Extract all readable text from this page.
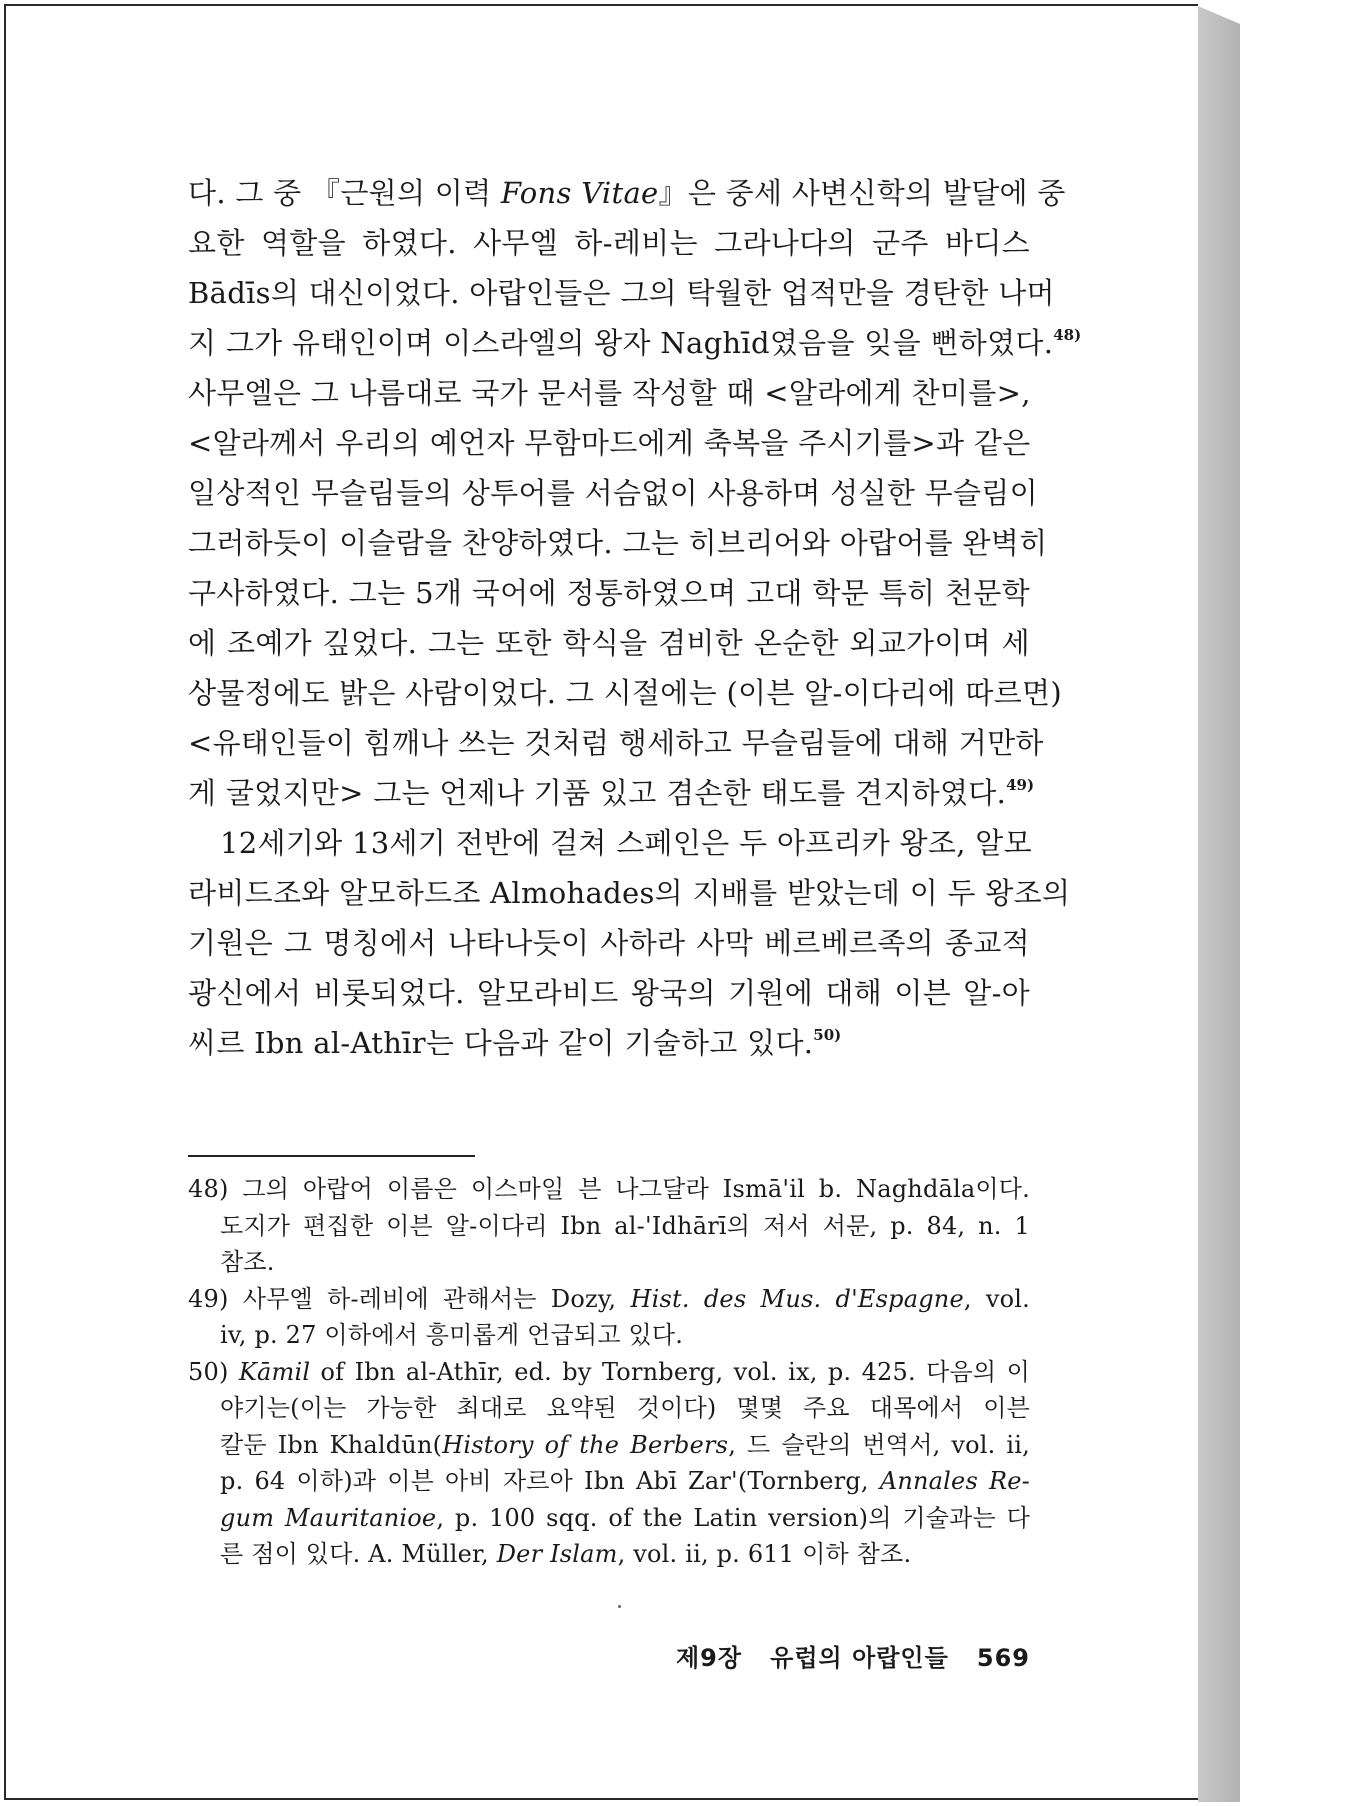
다. 그 중 『근원의 이력 Fons Vitae』은 중세 사변신학의 발달에 중
요한 역할을 하였다. 사무엘 하-레비는 그라나다의 군주 바디스
Bādīs의 대신이었다. 아랍인들은 그의 탁월한 업적만을 경탄한 나머
지 그가 유태인이며 이스라엘의 왕자 Naghīd였음을 잊을 뻔하였다.$^{48)}$
사무엘은 그 나름대로 국가 문서를 작성할 때 <알라에게 찬미를>,
<알라께서 우리의 예언자 무함마드에게 축복을 주시기를>과 같은
일상적인 무슬림들의 상투어를 서슴없이 사용하며 성실한 무슬림이
그러하듯이 이슬람을 찬양하였다. 그는 히브리어와 아랍어를 완벽히
구사하였다. 그는 5개 국어에 정통하였으며 고대 학문 특히 천문학
에 조예가 깊었다. 그는 또한 학식을 겸비한 온순한 외교가이며 세
상물정에도 밝은 사람이었다. 그 시절에는 (이븐 알-이다리에 따르면)
<유태인들이 힘깨나 쓰는 것처럼 행세하고 무슬림들에 대해 거만하
게 굴었지만> 그는 언제나 기품 있고 겸손한 태도를 견지하였다.$^{49)}$
12세기와 13세기 전반에 걸쳐 스페인은 두 아프리카 왕조, 알모
라비드조와 알모하드조 Almohades의 지배를 받았는데 이 두 왕조의
기원은 그 명칭에서 나타나듯이 사하라 사막 베르베르족의 종교적
광신에서 비롯되었다. 알모라비드 왕국의 기원에 대해 이븐 알-아
씨르 Ibn al-Athīr는 다음과 같이 기술하고 있다.$^{50)}$
48) 그의 아랍어 이름은 이스마일 븐 나그달라 Ismā'il b. Naghdāla이다.
도지가 편집한 이븐 알-이다리 Ibn al-'Idhārī의 저서 서문, p. 84, n. 1
참조.
49) 사무엘 하-레비에 관해서는 Dozy, Hist. des Mus. d'Espagne, vol.
iv, p. 27 이하에서 흥미롭게 언급되고 있다.
50) Kāmil of Ibn al-Athīr, ed. by Tornberg, vol. ix, p. 425. 다음의 이
야기는(이는 가능한 최대로 요약된 것이다) 몇몇 주요 대목에서 이븐
칼둔 Ibn Khaldūn(History of the Berbers, 드 슬란의 번역서, vol. ii,
p. 64 이하)과 이븐 아비 자르아 Ibn Abī Zar'(Tornberg, Annales Re-
gum Mauritanioe, p. 100 sqq. of the Latin version)의 기술과는 다
른 점이 있다. A. Müller, Der Islam, vol. ii, p. 611 이하 참조.
제9장 유럽의 아랍인들 569
